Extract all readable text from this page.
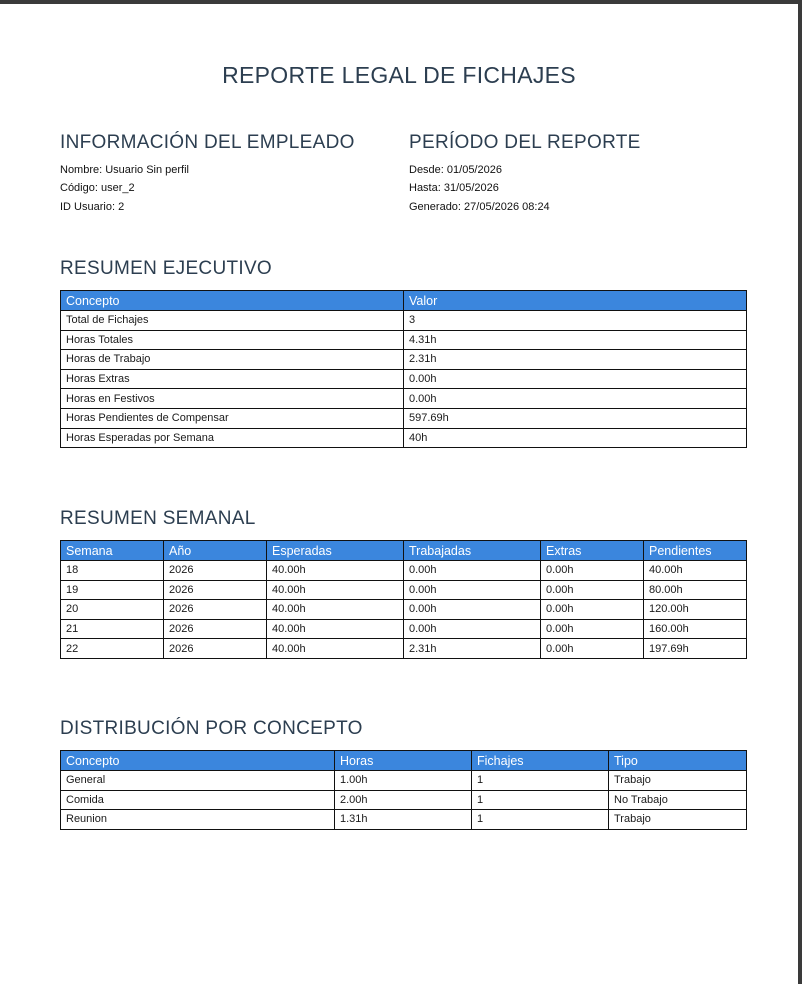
REPORTE LEGAL DE FICHAJES
INFORMACIÓN DEL EMPLEADO
Nombre: Usuario Sin perfil
Código: user_2
ID Usuario: 2
PERÍODO DEL REPORTE
Desde: 01/05/2026
Hasta: 31/05/2026
Generado: 27/05/2026 08:24
RESUMEN EJECUTIVO
Concepto	Valor
Total de Fichajes	3
Horas Totales	4.31h
Horas de Trabajo	2.31h
Horas Extras	0.00h
Horas en Festivos	0.00h
Horas Pendientes de Compensar	597.69h
Horas Esperadas por Semana	40h
RESUMEN SEMANAL
Semana	Año	Esperadas	Trabajadas	Extras	Pendientes
18	2026	40.00h	0.00h	0.00h	40.00h
19	2026	40.00h	0.00h	0.00h	80.00h
20	2026	40.00h	0.00h	0.00h	120.00h
21	2026	40.00h	0.00h	0.00h	160.00h
22	2026	40.00h	2.31h	0.00h	197.69h
DISTRIBUCIÓN POR CONCEPTO
Concepto	Horas	Fichajes	Tipo
General	1.00h	1	Trabajo
Comida	2.00h	1	No Trabajo
Reunion	1.31h	1	Trabajo
